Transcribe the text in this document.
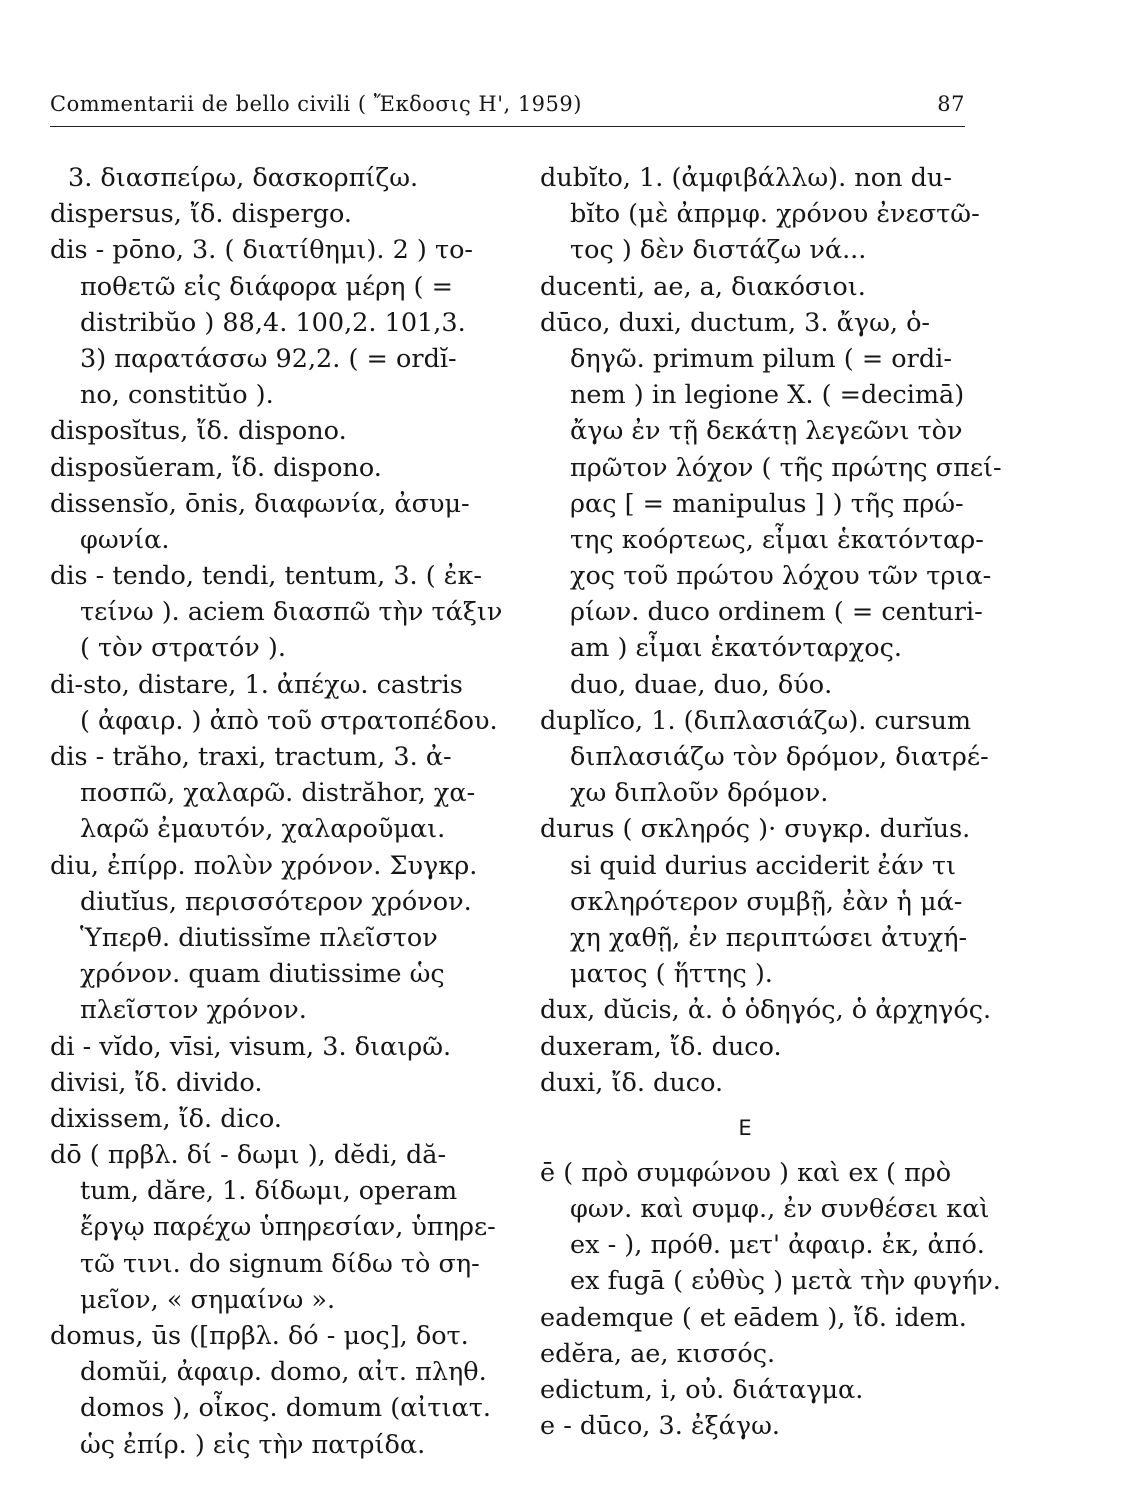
Commentarii de bello civili ( Ἔκδοσις Η', 1959)	87
3. διασπείρω, δασκορπίζω.
dispersus, ἴδ. dispergo.
dis - pōno, 3. ( διατίθημι). 2 ) το-
ποθετῶ εἰς διάφορα μέρη ( =
distribŭo ) 88,4. 100,2. 101,3.
3) παρατάσσω 92,2. ( = ordĭ-
no, constitŭo ).
disposĭtus, ἴδ. dispono.
disposŭeram, ἴδ. dispono.
dissensĭo, ōnis, διαφωνία, ἀσυμ-
φωνία.
dis - tendo, tendi, tentum, 3. ( ἐκ-
τείνω ). aciem διασπῶ τὴν τάξιν
( τὸν στρατόν ).
di-sto, distare, 1. ἀπέχω. castris
( ἀφαιρ. ) ἀπὸ τοῦ στρατοπέδου.
dis - trăho, traxi, tractum, 3. ἀ-
ποσπῶ, χαλαρῶ. distrăhor, χα-
λαρῶ ἐμαυτόν, χαλαροῦμαι.
diu, ἐπίρρ. πολὺν χρόνον. Συγκρ.
diutĭus, περισσότερον χρόνον.
Ὑπερθ. diutissĭme πλεῖστον
χρόνον. quam diutissime ὡς
πλεῖστον χρόνον.
di - vĭdo, vīsi, visum, 3. διαιρῶ.
divisi, ἴδ. divido.
dixissem, ἴδ. dico.
dō ( πρβλ. δί - δωμι ), dĕdi, dă-
tum, dăre, 1. δίδωμι, operam
ἔργῳ παρέχω ὑπηρεσίαν, ὑπηρε-
τῶ τινι. do signum δίδω τὸ ση-
μεῖον, « σημαίνω ».
domus, ūs ([πρβλ. δό - μος], δοτ.
domŭi, ἀφαιρ. domo, αἰτ. πληθ.
domos ), οἶκος. domum (αἰτιατ.
ὡς ἐπίρ. ) εἰς τὴν πατρίδα.
dubĭto, 1. (ἀμφιβάλλω). non du-
bĭto (μὲ ἀπρμφ. χρόνου ἐνεστῶ-
τος ) δὲν διστάζω νά...
ducenti, ae, a, διακόσιοι.
dūco, duxi, ductum, 3. ἄγω, ὁ-
δηγῶ. primum pilum ( = ordi-
nem ) in legione X. ( =decimā)
ἄγω ἐν τῇ δεκάτῃ λεγεῶνι τὸν
πρῶτον λόχον ( τῆς πρώτης σπεί-
ρας [ = manipulus ] ) τῆς πρώ-
της κοόρτεως, εἶμαι ἑκατόνταρ-
χος τοῦ πρώτου λόχου τῶν τρια-
ρίων. duco ordinem ( = centuri-
am ) εἶμαι ἑκατόνταρχος.
duo, duae, duo, δύο.
duplĭco, 1. (διπλασιάζω). cursum
διπλασιάζω τὸν δρόμον, διατρέ-
χω διπλοῦν δρόμον.
durus ( σκληρός )· συγκρ. durĭus.
si quid durius acciderit ἐάν τι
σκληρότερον συμβῇ, ἐὰν ἡ μά-
χη χαθῇ, ἐν περιπτώσει ἀτυχή-
ματος ( ἥττης ).
dux, dŭcis, ἀ. ὁ ὁδηγός, ὁ ἀρχηγός.
duxeram, ἴδ. duco.
duxi, ἴδ. duco.
E
ē ( πρὸ συμφώνου ) καὶ ex ( πρὸ
φων. καὶ συμφ., ἐν συνθέσει καὶ
ex - ), πρόθ. μετ' ἀφαιρ. ἐκ, ἀπό.
ex fugā ( εὐθὺς ) μετὰ τὴν φυγήν.
eademque ( et eādem ), ἴδ. idem.
edĕra, ae, κισσός.
edictum, i, οὐ. διάταγμα.
e - dūco, 3. ἐξάγω.
